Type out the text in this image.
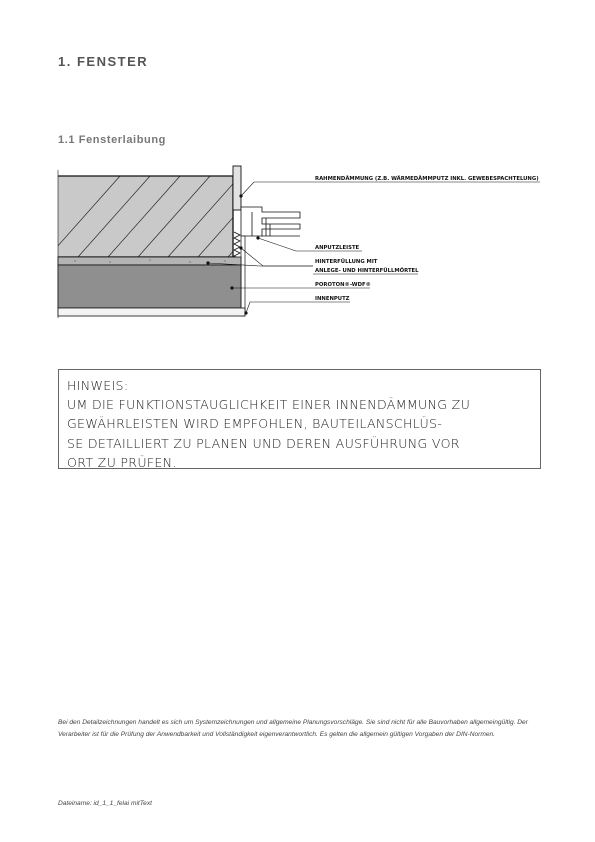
1. FENSTER
1.1 Fensterlaibung
RAHMENDÄMMUNG (Z.B. WÄRMEDÄMMPUTZ INKL. GEWEBESPACHTELUNG)
ANPUTZLEISTE
HINTERFÜLLUNG MIT
ANLEGE- UND HINTERFÜLLMÖRTEL
POROTON®-WDF®
INNENPUTZ
HINWEIS:
UM DIE FUNKTIONSTAUGLICHKEIT EINER INNENDÄMMUNG ZU
GEWÄHRLEISTEN WIRD EMPFOHLEN, BAUTEILANSCHLÜS-
SE DETAILLIERT ZU PLANEN UND DEREN AUSFÜHRUNG VOR
ORT ZU PRÜFEN.

Bei den Detailzeichnungen handelt es sich um Systemzeichnungen und allgemeine Planungsvorschläge. Sie sind nicht für alle Bauvorhaben allgemeingültig. Der Verarbeiter ist für die Prüfung der Anwendbarkeit und Vollständigkeit eigenverantwortlich. Es gelten die allgemein gültigen Vorgaben der DIN-Normen.

Dateiname: id_1_1_felai mitText
